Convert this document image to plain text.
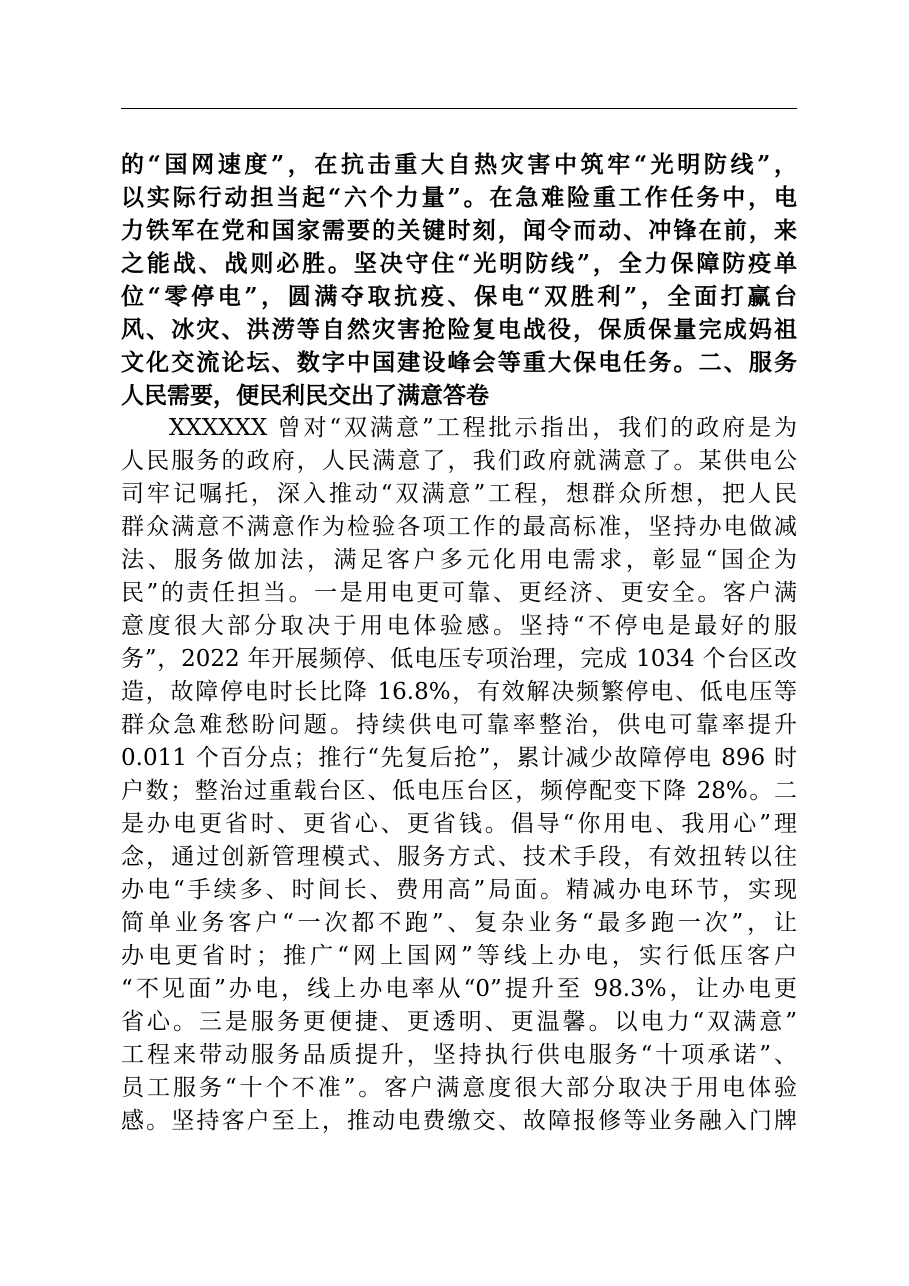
的“国网速度”，在抗击重大自热灾害中筑牢“光明防线”，
以实际行动担当起“六个力量”。在急难险重工作任务中，电
力铁军在党和国家需要的关键时刻，闻令而动、冲锋在前，来
之能战、战则必胜。坚决守住“光明防线”，全力保障防疫单
位“零停电”，圆满夺取抗疫、保电“双胜利”，全面打赢台
风、冰灾、洪涝等自然灾害抢险复电战役，保质保量完成妈祖
文化交流论坛、数字中国建设峰会等重大保电任务。二、服务
人民需要，便民利民交出了满意答卷
XXXXXX 曾对“双满意”工程批示指出，我们的政府是为
人民服务的政府，人民满意了，我们政府就满意了。某供电公
司牢记嘱托，深入推动“双满意”工程，想群众所想，把人民
群众满意不满意作为检验各项工作的最高标准，坚持办电做减
法、服务做加法，满足客户多元化用电需求，彰显“国企为
民”的责任担当。一是用电更可靠、更经济、更安全。客户满
意度很大部分取决于用电体验感。坚持“不停电是最好的服
务”，2022 年开展频停、低电压专项治理，完成 1034 个台区改
造，故障停电时长比降 16.8%，有效解决频繁停电、低电压等
群众急难愁盼问题。持续供电可靠率整治，供电可靠率提升
0.011 个百分点；推行“先复后抢”，累计减少故障停电 896 时
户数；整治过重载台区、低电压台区，频停配变下降 28%。二
是办电更省时、更省心、更省钱。倡导“你用电、我用心”理
念，通过创新管理模式、服务方式、技术手段，有效扭转以往
办电“手续多、时间长、费用高”局面。精减办电环节，实现
简单业务客户“一次都不跑”、复杂业务“最多跑一次”，让
办电更省时；推广“网上国网”等线上办电，实行低压客户
“不见面”办电，线上办电率从“0”提升至 98.3%，让办电更
省心。三是服务更便捷、更透明、更温馨。以电力“双满意”
工程来带动服务品质提升，坚持执行供电服务“十项承诺”、
员工服务“十个不准”。客户满意度很大部分取决于用电体验
感。坚持客户至上，推动电费缴交、故障报修等业务融入门牌
